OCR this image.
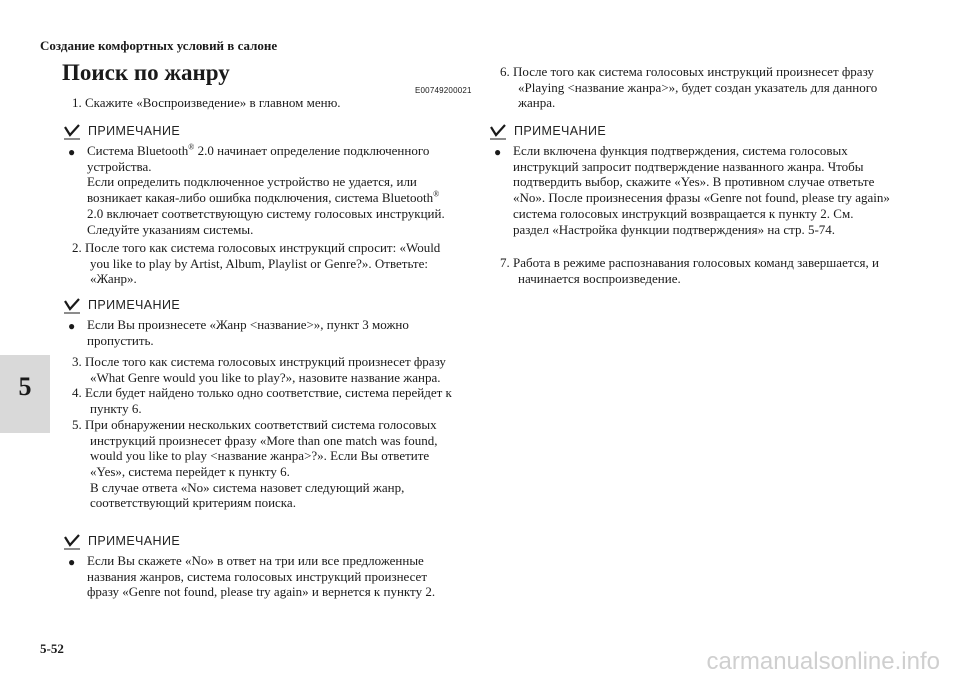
Создание комфортных условий в салоне
5
Поиск по жанру
E00749200021
1. Скажите «Воспроизведение» в главном меню.
ПРИМЕЧАНИЕ
● Система Bluetooth® 2.0 начинает определение подключенного устройства.
Если определить подключенное устройство не удается, или возникает какая-либо ошибка подключения, система Bluetooth® 2.0 включает соответствующую систему голосовых инструкций. Следуйте указаниям системы.
2. После того как система голосовых инструкций спросит: «Would you like to play by Artist, Album, Playlist or Genre?». Ответьте: «Жанр».
ПРИМЕЧАНИЕ
● Если Вы произнесете «Жанр <название>», пункт 3 можно пропустить.
3. После того как система голосовых инструкций произнесет фразу «What Genre would you like to play?», назовите название жанра.
4. Если будет найдено только одно соответствие, система перейдет к пункту 6.
5. При обнаружении нескольких соответствий система голосовых инструкций произнесет фразу «More than one match was found, would you like to play <название жанра>?». Если Вы ответите «Yes», система перейдет к пункту 6.
В случае ответа «No» система назовет следующий жанр, соответствующий критериям поиска.
ПРИМЕЧАНИЕ
● Если Вы скажете «No» в ответ на три или все предложенные названия жанров, система голосовых инструкций произнесет фразу «Genre not found, please try again» и вернется к пункту 2.
6. После того как система голосовых инструкций произнесет фразу «Playing <название жанра>», будет создан указатель для данного жанра.
ПРИМЕЧАНИЕ
● Если включена функция подтверждения, система голосовых инструкций запросит подтверждение названного жанра. Чтобы подтвердить выбор, скажите «Yes». В противном случае ответьте «No». После произнесения фразы «Genre not found, please try again» система голосовых инструкций возвращается к пункту 2. См. раздел «Настройка функции подтверждения» на стр. 5-74.
7. Работа в режиме распознавания голосовых команд завершается, и начинается воспроизведение.
5-52	carmanualsonline.info
